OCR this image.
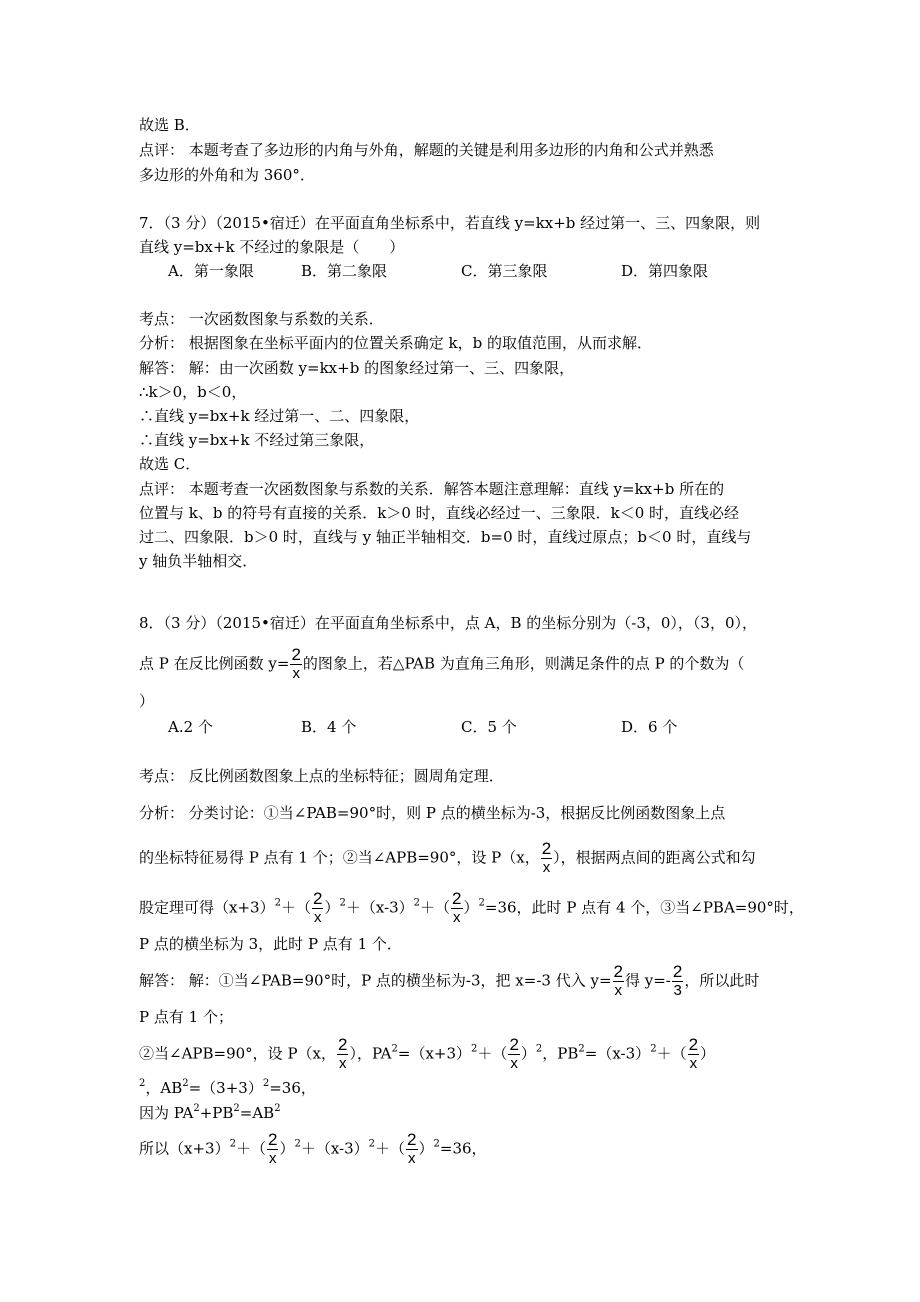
故选 B．
点评： 本题考查了多边形的内角与外角，解题的关键是利用多边形的内角和公式并熟悉
多边形的外角和为 360°．
7．（3 分）（2015•宿迁）在平面直角坐标系中，若直线 y=kx+b 经过第一、三、四象限，则
直线 y=bx+k 不经过的象限是（　　）
A．第一象限	B．第二象限	C．第三象限	D．第四象限
考点： 一次函数图象与系数的关系．
分析： 根据图象在坐标平面内的位置关系确定 k，b 的取值范围，从而求解．
解答： 解：由一次函数 y=kx+b 的图象经过第一、三、四象限，
∴k＞0，b＜0，
∴直线 y=bx+k 经过第一、二、四象限，
∴直线 y=bx+k 不经过第三象限，
故选 C．
点评： 本题考查一次函数图象与系数的关系．解答本题注意理解：直线 y=kx+b 所在的
位置与 k、b 的符号有直接的关系．k＞0 时，直线必经过一、三象限．k＜0 时，直线必经
过二、四象限．b＞0 时，直线与 y 轴正半轴相交．b=0 时，直线过原点；b＜0 时，直线与
y 轴负半轴相交．
8．（3 分）（2015•宿迁）在平面直角坐标系中，点 A，B 的坐标分别为（-3，0），（3，0），
点 P 在反比例函数 $y= \frac{2}{x}$ 的图象上，若△PAB 为直角三角形，则满足条件的点 P 的个数为（
）
A.2 个	B．4 个	C．5 个	D．6 个
考点： 反比例函数图象上点的坐标特征；圆周角定理．
分析： 分类讨论：①当∠PAB=90°时，则 P 点的横坐标为-3，根据反比例函数图象上点
的坐标特征易得 P 点有 1 个；②当∠APB=90°，设 P（x， $\frac{2}{x}$ ），根据两点间的距离公式和勾
股定理可得$(x+3)^2+( \frac{2}{x} )^2+(x-3)^2+( \frac{2}{x} )^2=36$，此时 P 点有 4 个，③当∠PBA=90°时，
P 点的横坐标为 3，此时 P 点有 1 个．
解答： 解：①当∠PAB=90°时，P 点的横坐标为-3，把 x=-3 代入 $y= \frac{2}{x}$ 得 $y=- \frac{2}{3}$ ，所以此时
P 点有 1 个；
②当∠APB=90°，设 P（x， $\frac{2}{x}$ ），$PA^2=(x+3)^2+( \frac{2}{x} )^2$，$PB^2=(x-3)^2+( \frac{2}{x}$ ）
$^2$，$AB^2=(3+3)^2=36$，
因为 $PA^2+PB^2=AB^2$
所以$(x+3)^2+( \frac{2}{x} )^2+(x-3)^2+( \frac{2}{x} )^2=36$，
